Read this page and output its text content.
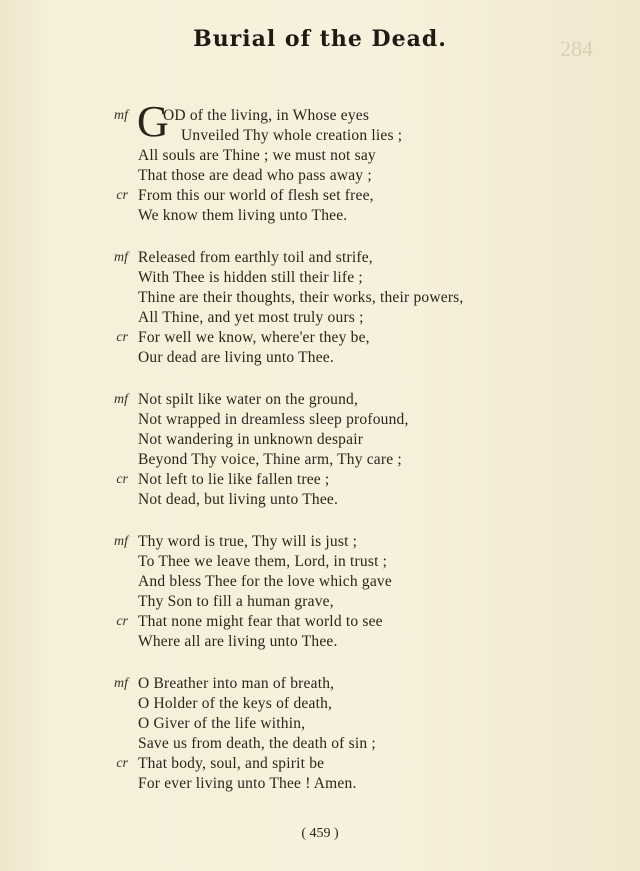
284
Burial of the Dead.
mf OD of the living, in Whose eyes
Unveiled Thy whole creation lies ;
All souls are Thine ; we must not say
That those are dead who pass away ;
cr From this our world of flesh set free,
We know them living unto Thee.
G
mf Released from earthly toil and strife,
With Thee is hidden still their life ;
Thine are their thoughts, their works, their powers,
All Thine, and yet most truly ours ;
cr For well we know, where'er they be,
Our dead are living unto Thee.
mf Not spilt like water on the ground,
Not wrapped in dreamless sleep profound,
Not wandering in unknown despair
Beyond Thy voice, Thine arm, Thy care ;
cr Not left to lie like fallen tree ;
Not dead, but living unto Thee.
mf Thy word is true, Thy will is just ;
To Thee we leave them, Lord, in trust ;
And bless Thee for the love which gave
Thy Son to fill a human grave,
cr That none might fear that world to see
Where all are living unto Thee.
mf O Breather into man of breath,
O Holder of the keys of death,
O Giver of the life within,
Save us from death, the death of sin ;
cr That body, soul, and spirit be
For ever living unto Thee ! Amen.
( 459 )
